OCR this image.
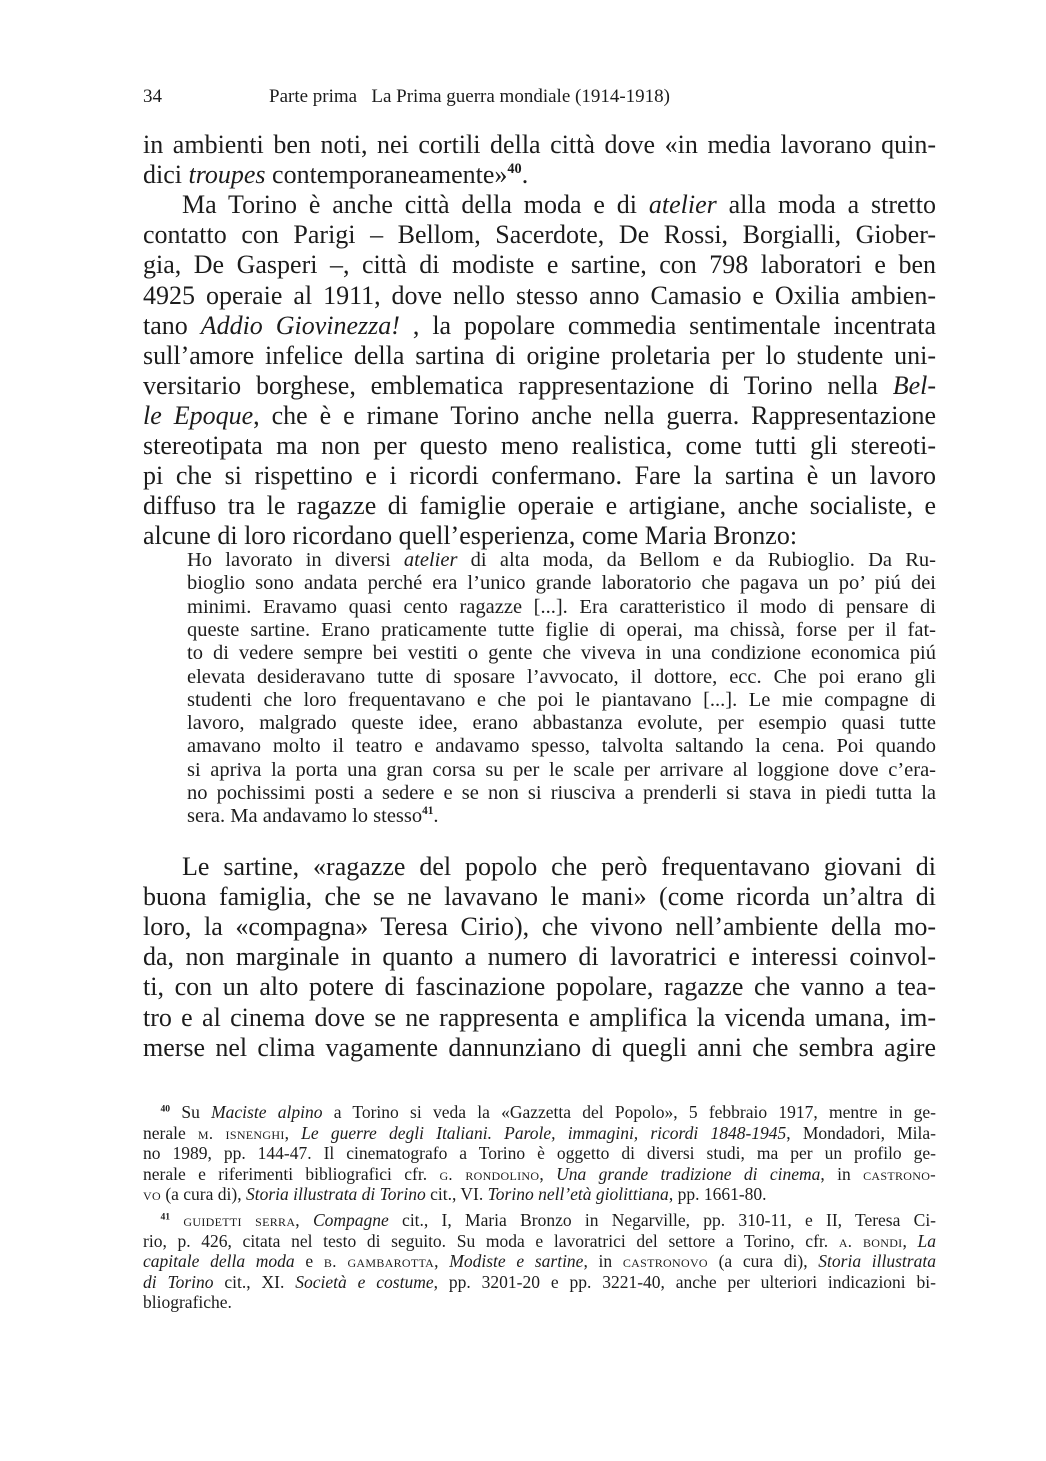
34	Parte prima   La Prima guerra mondiale (1914-1918)
in ambienti ben noti, nei cortili della città dove «in media lavorano quin-
dici troupes contemporaneamente»$^{40}$.
  Ma Torino è anche città della moda e di atelier alla moda a stretto
contatto con Parigi – Bellom, Sacerdote, De Rossi, Borgialli, Giober-
gia, De Gasperi –, città di modiste e sartine, con 798 laboratori e ben
4925 operaie al 1911, dove nello stesso anno Camasio e Oxilia ambien-
tano Addio Giovinezza! , la popolare commedia sentimentale incentrata
sull’amore infelice della sartina di origine proletaria per lo studente uni-
versitario borghese, emblematica rappresentazione di Torino nella Bel-
le Epoque, che è e rimane Torino anche nella guerra. Rappresentazione
stereotipata ma non per questo meno realistica, come tutti gli stereoti-
pi che si rispettino e i ricordi confermano. Fare la sartina è un lavoro
diffuso tra le ragazze di famiglie operaie e artigiane, anche socialiste, e
alcune di loro ricordano quell’esperienza, come Maria Bronzo:
Ho lavorato in diversi atelier di alta moda, da Bellom e da Rubioglio. Da Ru-
bioglio sono andata perché era l’unico grande laboratorio che pagava un po’ piú dei
minimi. Eravamo quasi cento ragazze [...]. Era caratteristico il modo di pensare di
queste sartine. Erano praticamente tutte figlie di operai, ma chissà, forse per il fat-
to di vedere sempre bei vestiti o gente che viveva in una condizione economica piú
elevata desideravano tutte di sposare l’avvocato, il dottore, ecc. Che poi erano gli
studenti che loro frequentavano e che poi le piantavano [...]. Le mie compagne di
lavoro, malgrado queste idee, erano abbastanza evolute, per esempio quasi tutte
amavano molto il teatro e andavamo spesso, talvolta saltando la cena. Poi quando
si apriva la porta una gran corsa su per le scale per arrivare al loggione dove c’era-
no pochissimi posti a sedere e se non si riusciva a prenderli si stava in piedi tutta la
sera. Ma andavamo lo stesso$^{41}$.
  Le sartine, «ragazze del popolo che però frequentavano giovani di
buona famiglia, che se ne lavavano le mani» (come ricorda un’altra di
loro, la «compagna» Teresa Cirio), che vivono nell’ambiente della mo-
da, non marginale in quanto a numero di lavoratrici e interessi coinvol-
ti, con un alto potere di fascinazione popolare, ragazze che vanno a tea-
tro e al cinema dove se ne rappresenta e amplifica la vicenda umana, im-
merse nel clima vagamente dannunziano di quegli anni che sembra agire
 $^{40}$ Su Maciste alpino a Torino si veda la «Gazzetta del Popolo», 5 febbraio 1917, mentre in ge-
nerale m. isnenghi, Le guerre degli Italiani. Parole, immagini, ricordi 1848-1945, Mondadori, Mila-
no 1989, pp. 144-47. Il cinematografo a Torino è oggetto di diversi studi, ma per un profilo ge-
nerale e riferimenti bibliografici cfr. g. rondolino, Una grande tradizione di cinema, in castrono-
vo (a cura di), Storia illustrata di Torino cit., VI. Torino nell’età giolittiana, pp. 1661-80.
 $^{41}$ guidetti serra, Compagne cit., I, Maria Bronzo in Negarville, pp. 310-11, e II, Teresa Ci-
rio, p. 426, citata nel testo di seguito. Su moda e lavoratrici del settore a Torino, cfr. a. bondi, La
capitale della moda e b. gambarotta, Modiste e sartine, in castronovo (a cura di), Storia illustrata
di Torino cit., XI. Società e costume, pp. 3201-20 e pp. 3221-40, anche per ulteriori indicazioni bi-
bliografiche.
